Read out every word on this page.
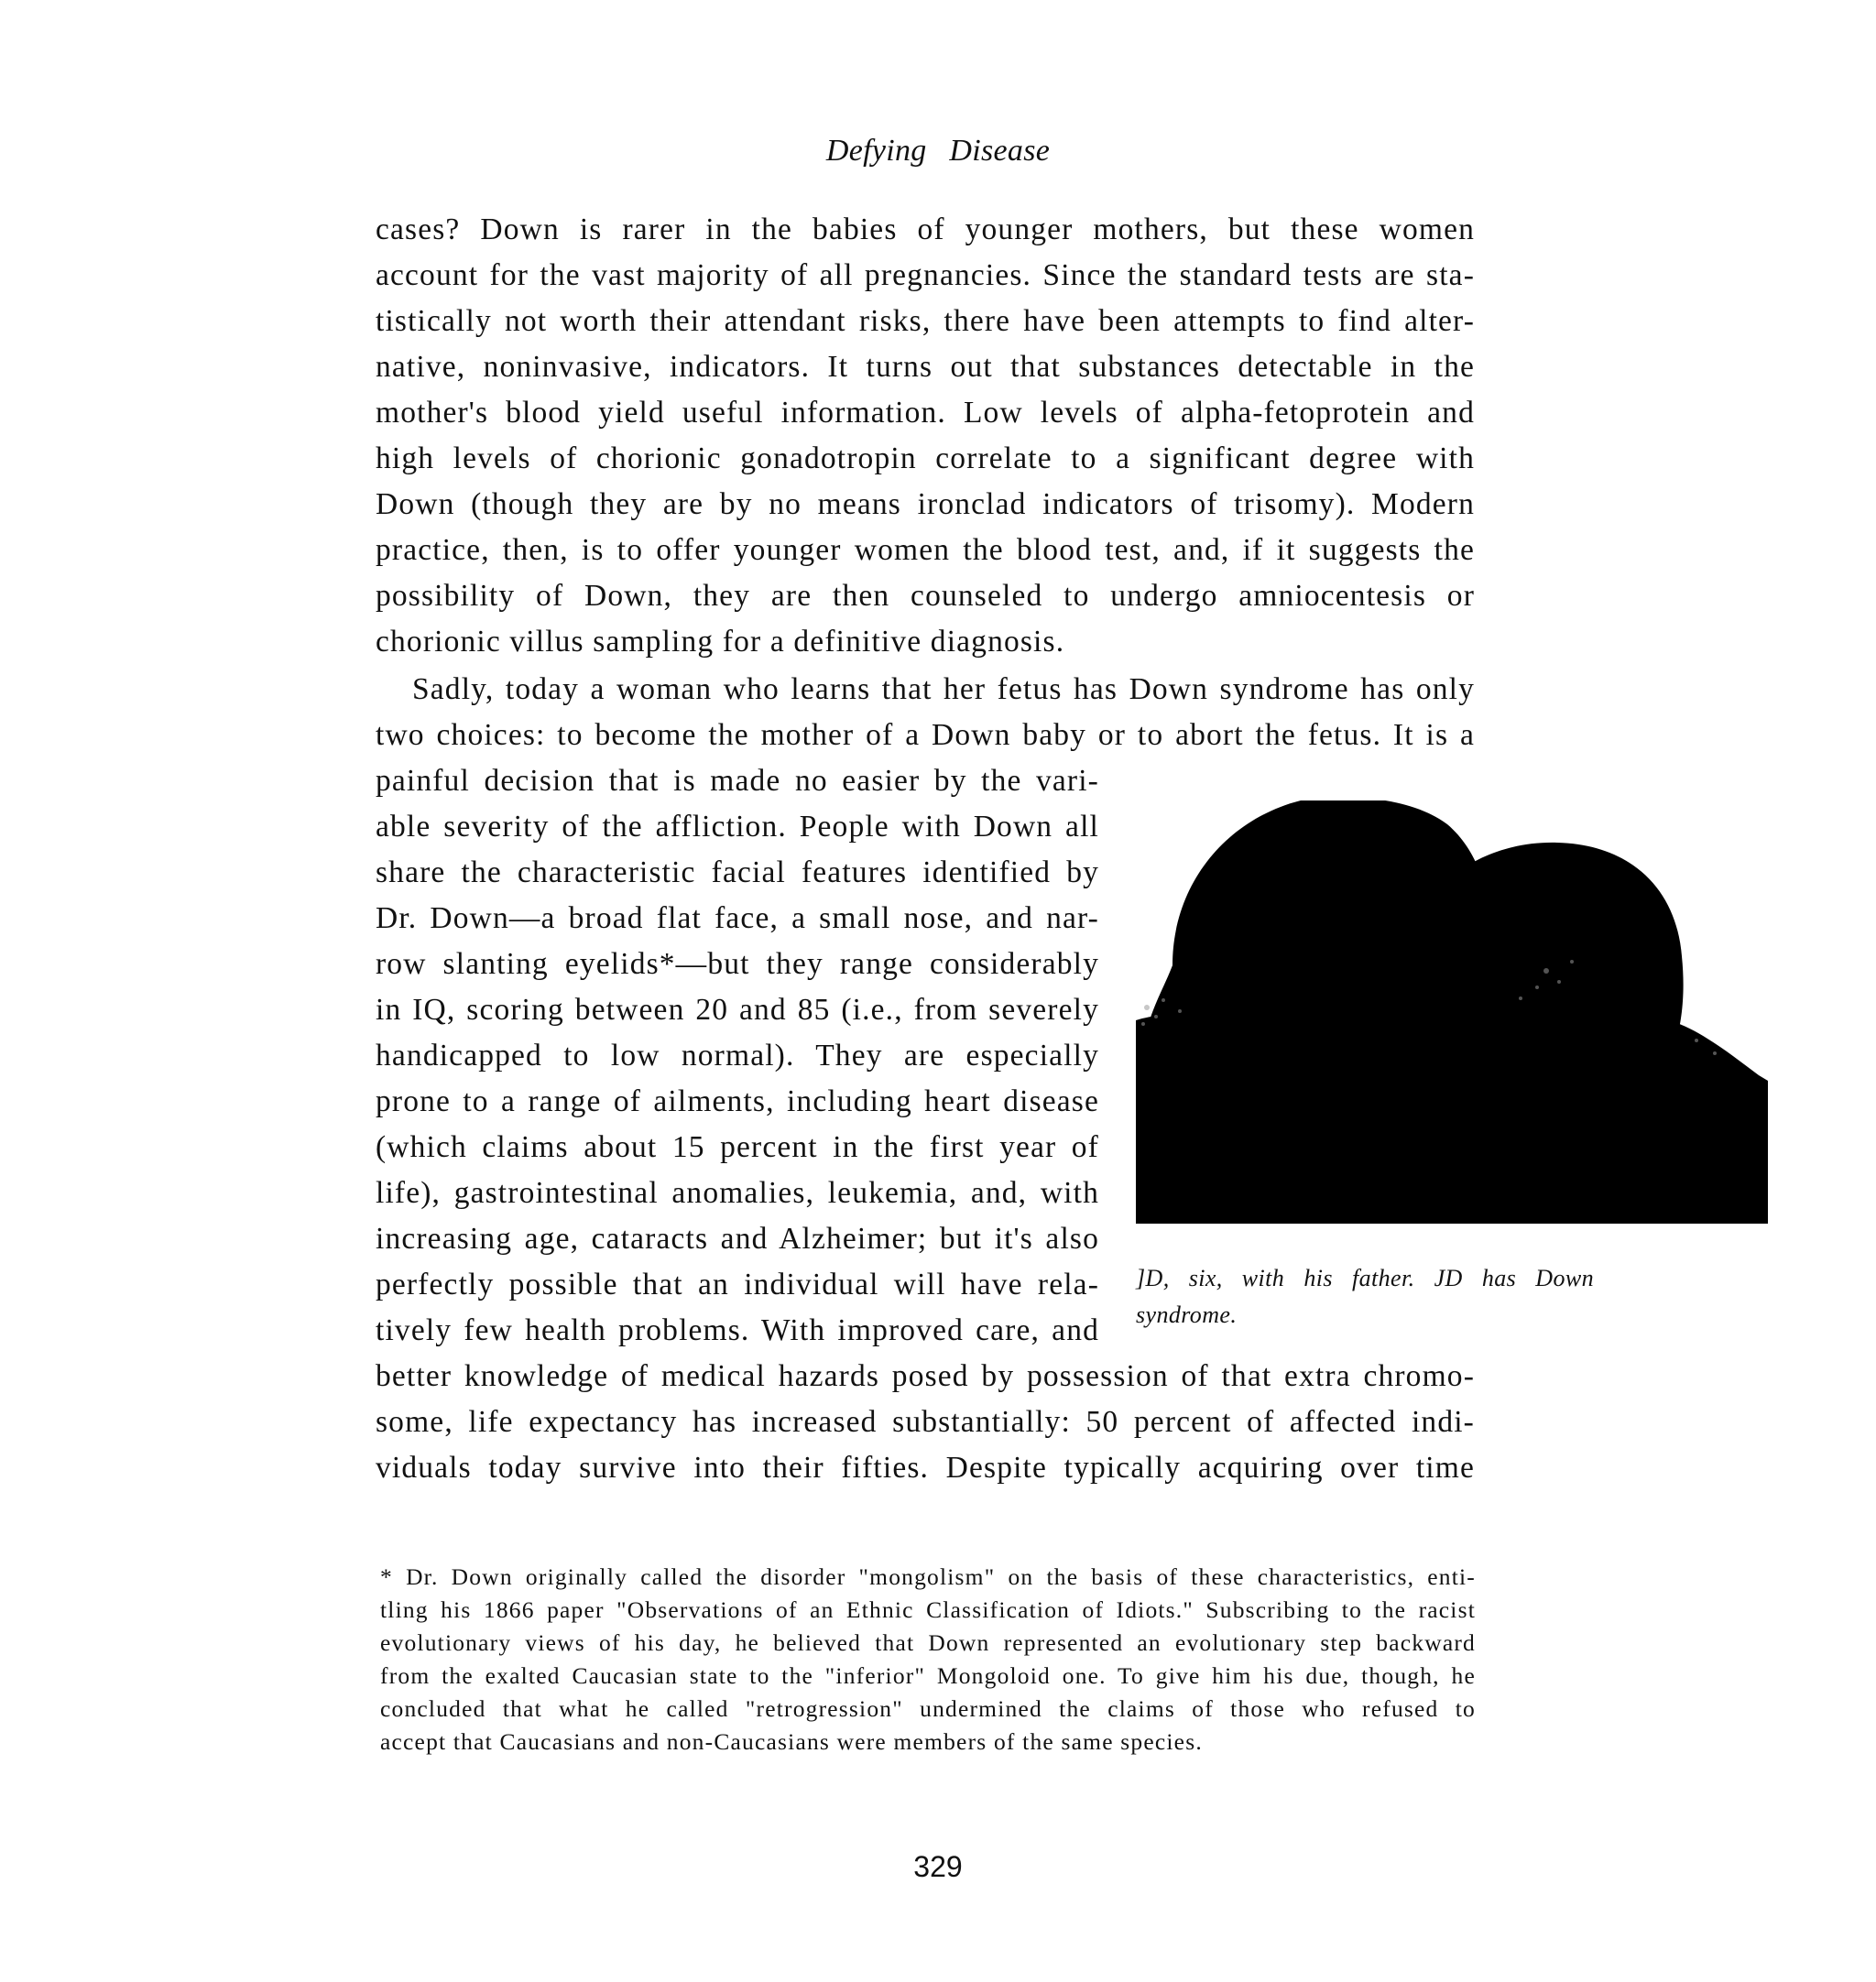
Defying Disease
cases? Down is rarer in the babies of younger mothers, but these women
account for the vast majority of all pregnancies. Since the standard tests are sta-
tistically not worth their attendant risks, there have been attempts to find alter-
native, noninvasive, indicators. It turns out that substances detectable in the
mother's blood yield useful information. Low levels of alpha-fetoprotein and
high levels of chorionic gonadotropin correlate to a significant degree with
Down (though they are by no means ironclad indicators of trisomy). Modern
practice, then, is to offer younger women the blood test, and, if it suggests the
possibility of Down, they are then counseled to undergo amniocentesis or
chorionic villus sampling for a definitive diagnosis.
Sadly, today a woman who learns that her fetus has Down syndrome has only
two choices: to become the mother of a Down baby or to abort the fetus. It is a
painful decision that is made no easier by the vari-
able severity of the affliction. People with Down all
share the characteristic facial features identified by
Dr. Down—a broad flat face, a small nose, and nar-
row slanting eyelids*—but they range considerably
in IQ, scoring between 20 and 85 (i.e., from severely
handicapped to low normal). They are especially
prone to a range of ailments, including heart disease
(which claims about 15 percent in the first year of
life), gastrointestinal anomalies, leukemia, and, with
increasing age, cataracts and Alzheimer; but it's also
perfectly possible that an individual will have rela-
tively few health problems. With improved care, and
]D, six, with his father. JD has Down
syndrome.
better knowledge of medical hazards posed by possession of that extra chromo-
some, life expectancy has increased substantially: 50 percent of affected indi-
viduals today survive into their fifties. Despite typically acquiring over time
* Dr. Down originally called the disorder "mongolism" on the basis of these characteristics, enti-
tling his 1866 paper "Observations of an Ethnic Classification of Idiots." Subscribing to the racist
evolutionary views of his day, he believed that Down represented an evolutionary step backward
from the exalted Caucasian state to the "inferior" Mongoloid one. To give him his due, though, he
concluded that what he called "retrogression" undermined the claims of those who refused to
accept that Caucasians and non-Caucasians were members of the same species.
329
